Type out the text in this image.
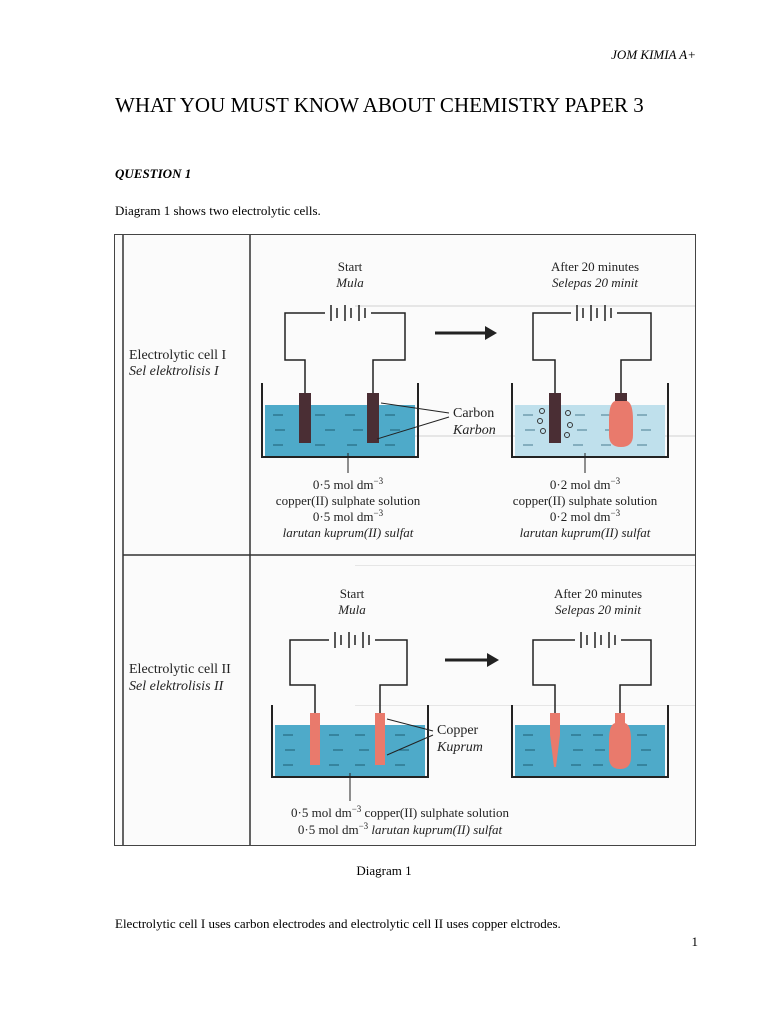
JOM KIMIA A+
WHAT YOU MUST KNOW ABOUT CHEMISTRY PAPER 3
QUESTION 1
Diagram 1 shows two electrolytic cells.
Electrolytic cell I
Sel elektrolisis I
Start
Mula
Carbon
Karbon
0·5 mol $dm^{-3}$
copper(II) sulphate solution
0·5 mol $dm^{-3}$
larutan kuprum(II) sulfat
After 20 minutes
Selepas 20 minit
0·2 mol $dm^{-3}$
copper(II) sulphate solution
0·2 mol $dm^{-3}$
larutan kuprum(II) sulfat
Electrolytic cell II
Sel elektrolisis II
Start
Mula
Copper
Kuprum
After 20 minutes
Selepas 20 minit
0·5 mol $dm^{-3}$ copper(II) sulphate solution
0·5 mol $dm^{-3}$ larutan kuprum(II) sulfat
Diagram 1
Electrolytic cell I uses carbon electrodes and electrolytic cell II uses copper elctrodes.
1
